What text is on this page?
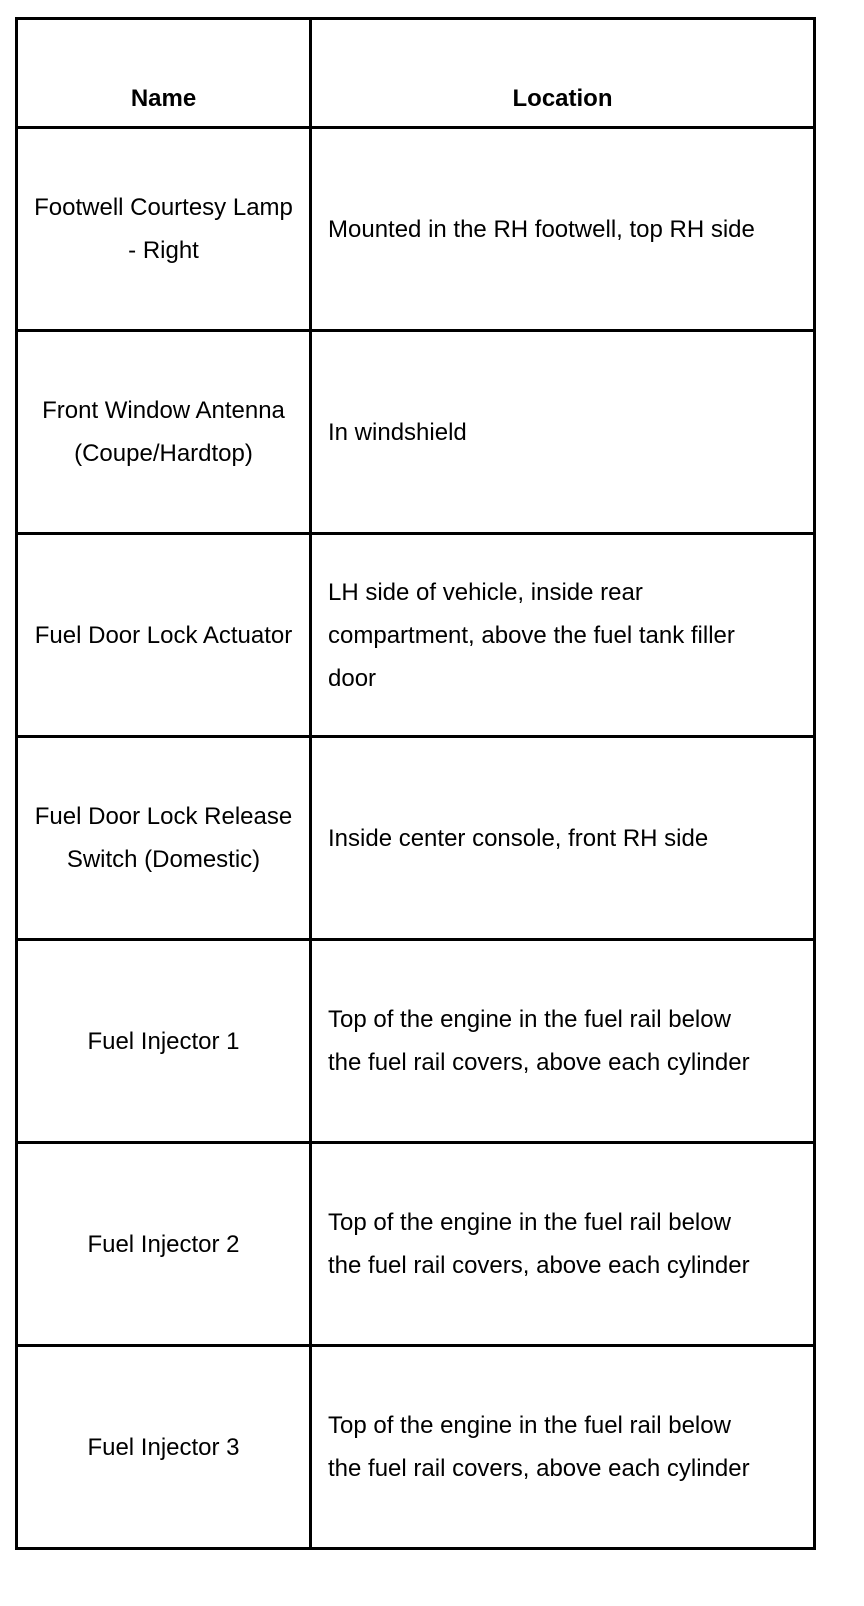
Name	Location
Footwell Courtesy Lamp - Right	Mounted in the RH footwell, top RH side
Front Window Antenna (Coupe/Hardtop)	In windshield
Fuel Door Lock Actuator	LH side of vehicle, inside rear compartment, above the fuel tank filler door
Fuel Door Lock Release Switch (Domestic)	Inside center console, front RH side
Fuel Injector 1	Top of the engine in the fuel rail below the fuel rail covers, above each cylinder
Fuel Injector 2	Top of the engine in the fuel rail below the fuel rail covers, above each cylinder
Fuel Injector 3	Top of the engine in the fuel rail below the fuel rail covers, above each cylinder
